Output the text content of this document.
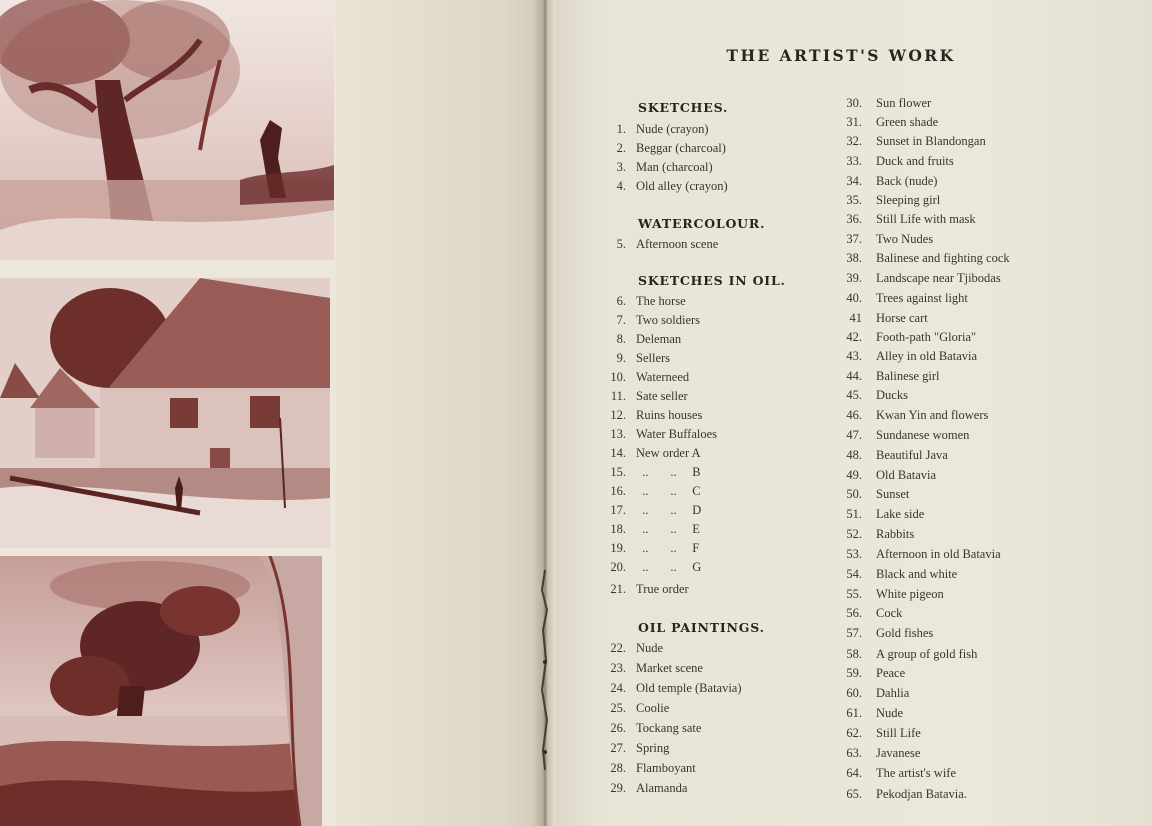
THE ARTIST'S WORK
SKETCHES.
1. Nude (crayon)
2. Beggar (charcoal)
3. Man (charcoal)
4. Old alley (crayon)
WATERCOLOUR.
5. Afternoon scene
SKETCHES IN OIL.
6. The horse
7. Two soldiers
8. Deleman
9. Sellers
10. Waterneed
11. Sate seller
12. Ruins houses
13. Water Buffaloes
14. New order A
15. ..       ..     B
16. ..       ..     C
17. ..       ..     D
18. ..       ..     E
19. ..       ..     F
20. ..       ..     G
21. True order
OIL PAINTINGS.
22. Nude
23. Market scene
24. Old temple (Batavia)
25. Coolie
26. Tockang sate
27. Spring
28. Flamboyant
29. Alamanda
30. Sun flower
31. Green shade
32. Sunset in Blandongan
33. Duck and fruits
34. Back (nude)
35. Sleeping girl
36. Still Life with mask
37. Two Nudes
38. Balinese and fighting cock
39. Landscape near Tjibodas
40. Trees against light
41 Horse cart
42. Footh-path "Gloria"
43. Alley in old Batavia
44. Balinese girl
45. Ducks
46. Kwan Yin and flowers
47. Sundanese women
48. Beautiful Java
49. Old Batavia
50. Sunset
51. Lake side
52. Rabbits
53. Afternoon in old Batavia
54. Black and white
55. White pigeon
56. Cock
57. Gold fishes
58. A group of gold fish
59. Peace
60. Dahlia
61. Nude
62. Still Life
63. Javanese
64. The artist's wife
65. Pekodjan Batavia.
